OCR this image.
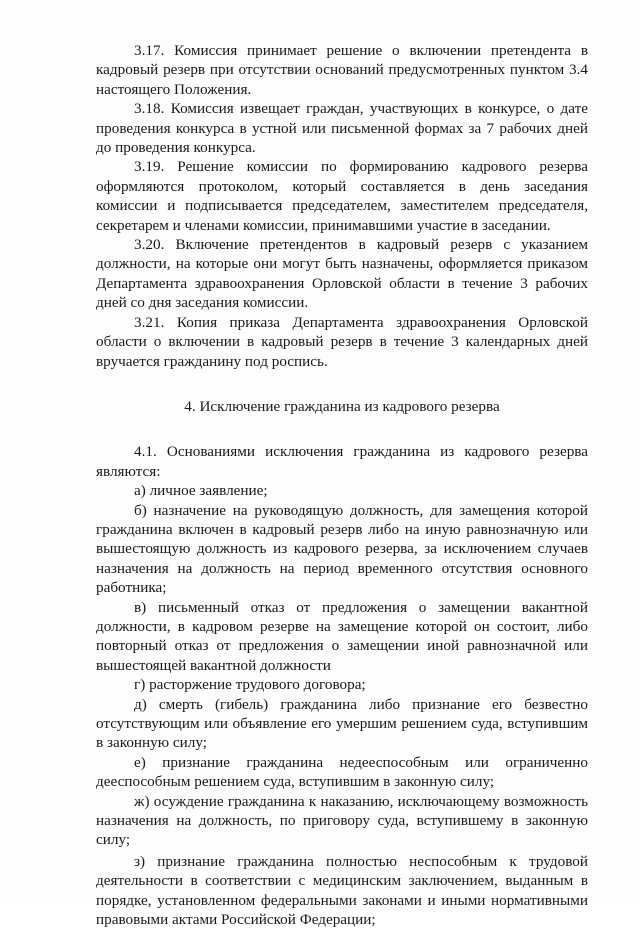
3.17. Комиссия принимает решение о включении претендента в кадровый резерв при отсутствии оснований предусмотренных пунктом 3.4 настоящего Положения.

3.18. Комиссия извещает граждан, участвующих в конкурсе, о дате проведения конкурса в устной или письменной формах за 7 рабочих дней до проведения конкурса.

3.19. Решение комиссии по формированию кадрового резерва оформляются протоколом, который составляется в день заседания комиссии и подписывается председателем, заместителем председателя, секретарем и членами комиссии, принимавшими участие в заседании.

3.20. Включение претендентов в кадровый резерв с указанием должности, на которые они могут быть назначены, оформляется приказом Департамента здравоохранения Орловской области в течение 3 рабочих дней со дня заседания комиссии.

3.21. Копия приказа Департамента здравоохранения Орловской области о включении в кадровый резерв в течение 3 календарных дней вручается гражданину под роспись.

4. Исключение гражданина из кадрового резерва

4.1. Основаниями исключения гражданина из кадрового резерва являются:

а) личное заявление;

б) назначение на руководящую должность, для замещения которой гражданина включен в кадровый резерв либо на иную равнозначную или вышестоящую должность из кадрового резерва, за исключением случаев назначения на должность на период временного отсутствия основного работника;

в) письменный отказ от предложения о замещении вакантной должности, в кадровом резерве на замещение которой он состоит, либо повторный отказ от предложения о замещении иной равнозначной или вышестоящей вакантной должности

г) расторжение трудового договора;

д) смерть (гибель) гражданина либо признание его безвестно отсутствующим или объявление его умершим решением суда, вступившим в законную силу;

е) признание гражданина недееспособным или ограниченно дееспособным решением суда, вступившим в законную силу;

ж) осуждение гражданина к наказанию, исключающему возможность назначения на должность, по приговору суда, вступившему в законную силу;

з) признание гражданина полностью неспособным к трудовой деятельности в соответствии с медицинским заключением, выданным в порядке, установленном федеральными законами и иными нормативными правовыми актами Российской Федерации;
